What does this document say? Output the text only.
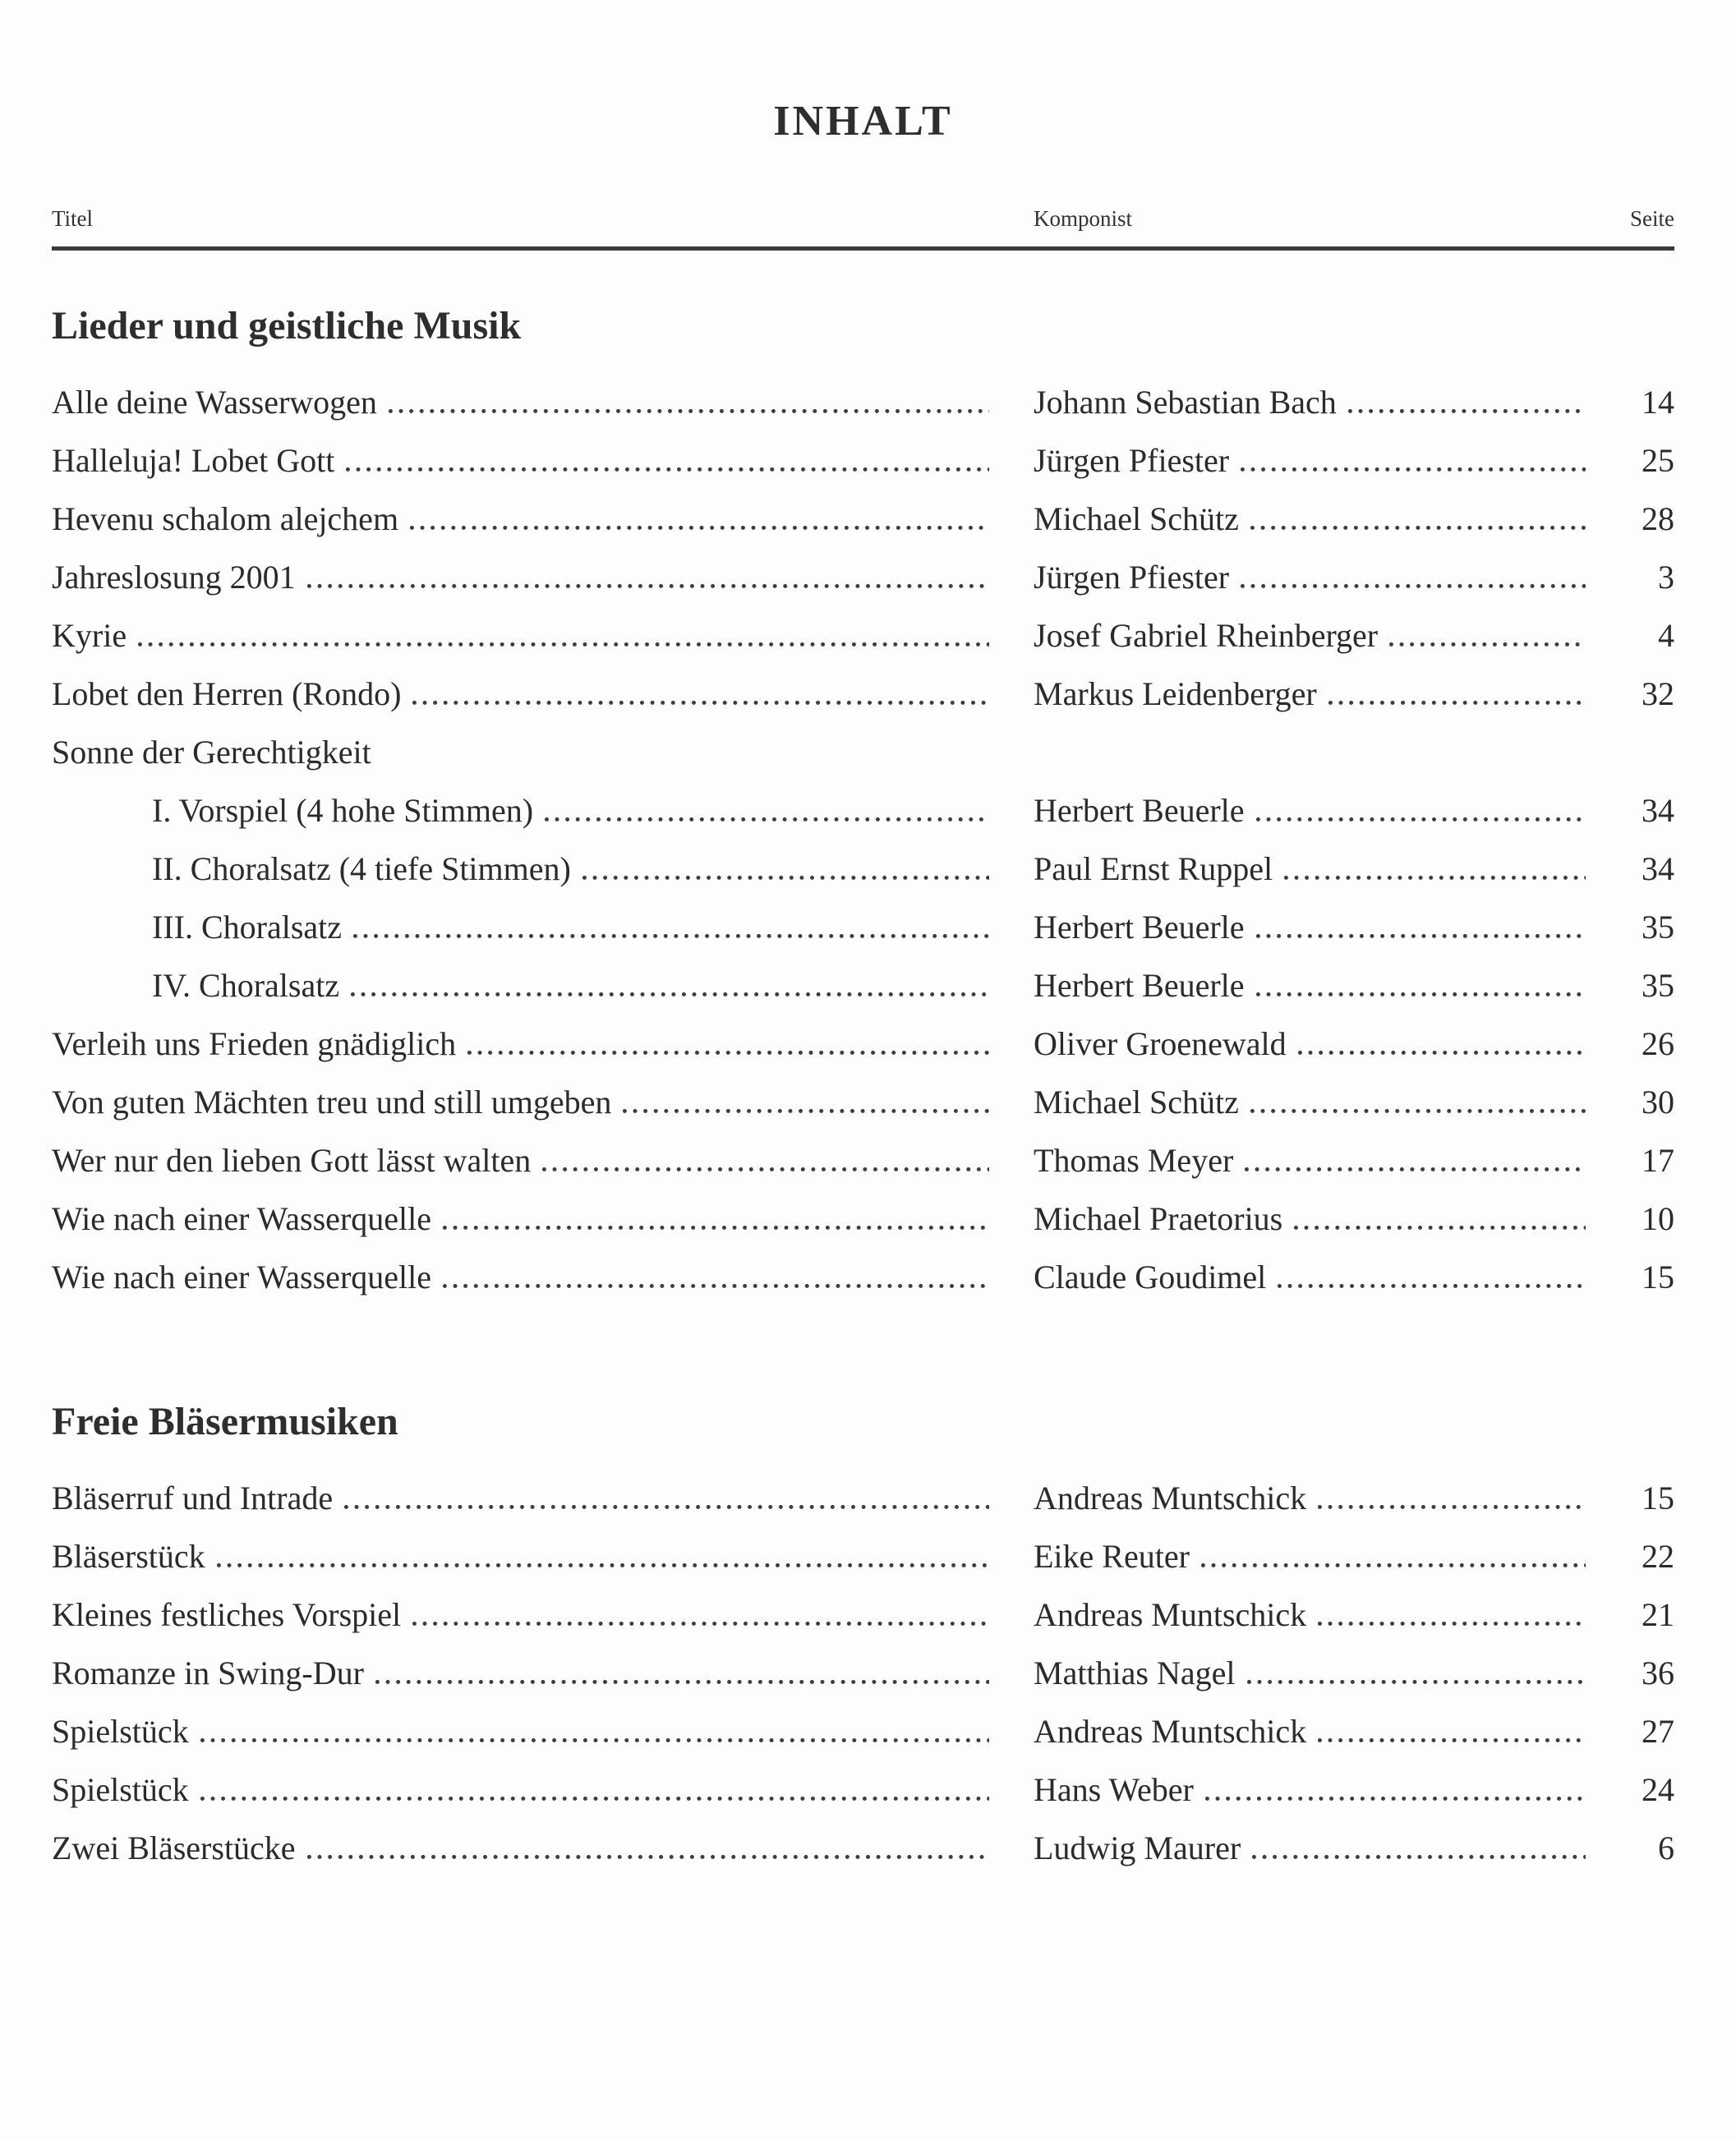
INHALT
Titel	Komponist	Seite
Lieder und geistliche Musik
Alle deine Wasserwogen	Johann Sebastian Bach	14
Halleluja! Lobet Gott	Jürgen Pfiester	25
Hevenu schalom alejchem	Michael Schütz	28
Jahreslosung 2001	Jürgen Pfiester	3
Kyrie	Josef Gabriel Rheinberger	4
Lobet den Herren (Rondo)	Markus Leidenberger	32
Sonne der Gerechtigkeit
I. Vorspiel (4 hohe Stimmen)	Herbert Beuerle	34
II. Choralsatz (4 tiefe Stimmen)	Paul Ernst Ruppel	34
III. Choralsatz	Herbert Beuerle	35
IV. Choralsatz	Herbert Beuerle	35
Verleih uns Frieden gnädiglich	Oliver Groenewald	26
Von guten Mächten treu und still umgeben	Michael Schütz	30
Wer nur den lieben Gott lässt walten	Thomas Meyer	17
Wie nach einer Wasserquelle	Michael Praetorius	10
Wie nach einer Wasserquelle	Claude Goudimel	15
Freie Bläsermusiken
Bläserruf und Intrade	Andreas Muntschick	15
Bläserstück	Eike Reuter	22
Kleines festliches Vorspiel	Andreas Muntschick	21
Romanze in Swing-Dur	Matthias Nagel	36
Spielstück	Andreas Muntschick	27
Spielstück	Hans Weber	24
Zwei Bläserstücke	Ludwig Maurer	6
